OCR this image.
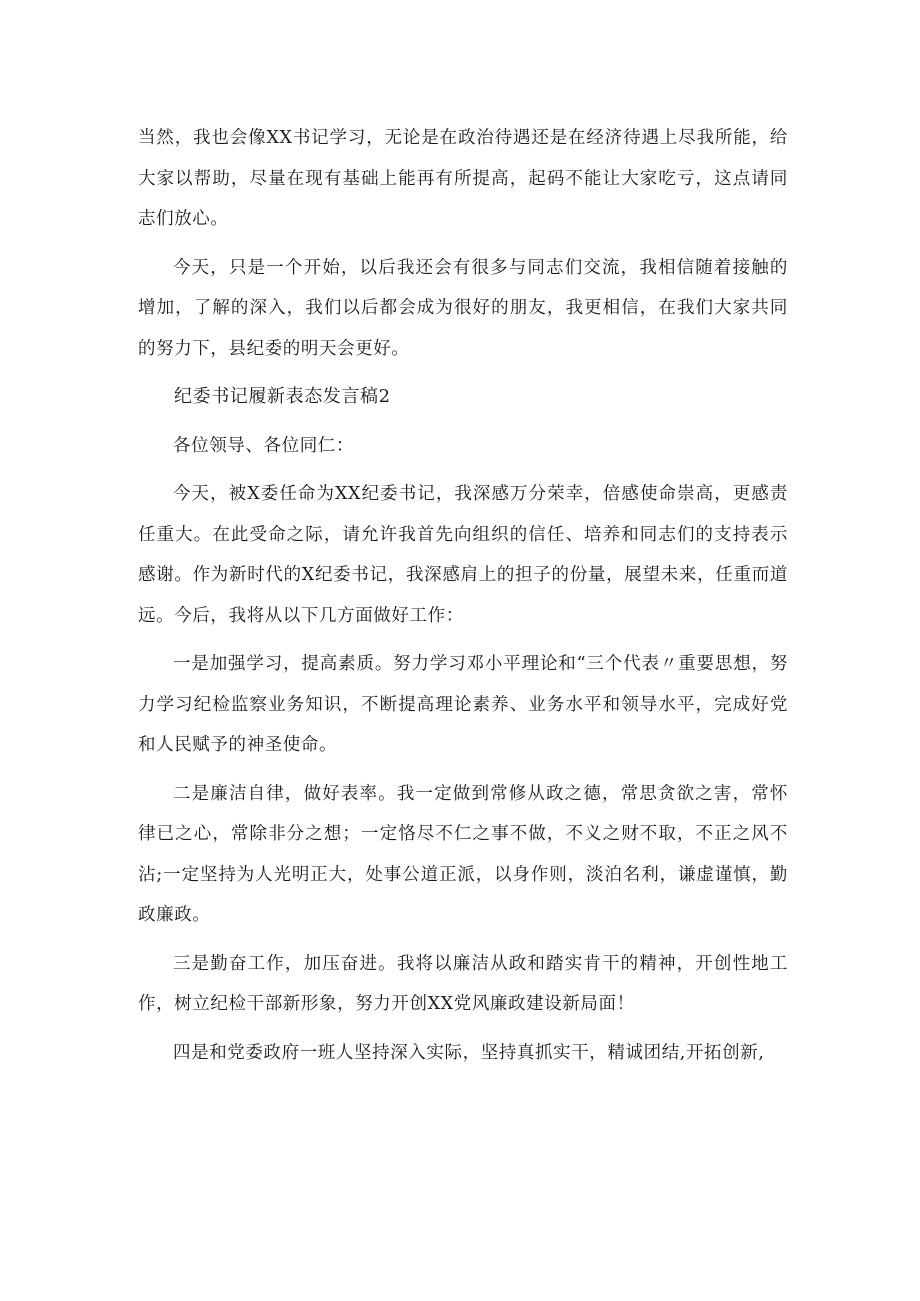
当然，我也会像XX书记学习，无论是在政治待遇还是在经济待遇上尽我所能，给大家以帮助，尽量在现有基础上能再有所提高，起码不能让大家吃亏，这点请同志们放心。

今天，只是一个开始，以后我还会有很多与同志们交流，我相信随着接触的增加，了解的深入，我们以后都会成为很好的朋友，我更相信，在我们大家共同的努力下，县纪委的明天会更好。

纪委书记履新表态发言稿2

各位领导、各位同仁：

今天，被X委任命为XX纪委书记，我深感万分荣幸，倍感使命崇高，更感责任重大。在此受命之际，请允许我首先向组织的信任、培养和同志们的支持表示感谢。作为新时代的X纪委书记，我深感肩上的担子的份量，展望未来，任重而道远。今后，我将从以下几方面做好工作：

一是加强学习，提高素质。努力学习邓小平理论和“三个代表〃重要思想，努力学习纪检监察业务知识，不断提高理论素养、业务水平和领导水平，完成好党和人民赋予的神圣使命。

二是廉洁自律，做好表率。我一定做到常修从政之德，常思贪欲之害，常怀律已之心，常除非分之想；一定恪尽不仁之事不做，不义之财不取，不正之风不沾;一定坚持为人光明正大，处事公道正派，以身作则，淡泊名利，谦虚谨慎，勤政廉政。

三是勤奋工作，加压奋进。我将以廉洁从政和踏实肯干的精神，开创性地工作，树立纪检干部新形象，努力开创XX党风廉政建设新局面！

四是和党委政府一班人坚持深入实际，坚持真抓实干，精诚团结,开拓创新,
